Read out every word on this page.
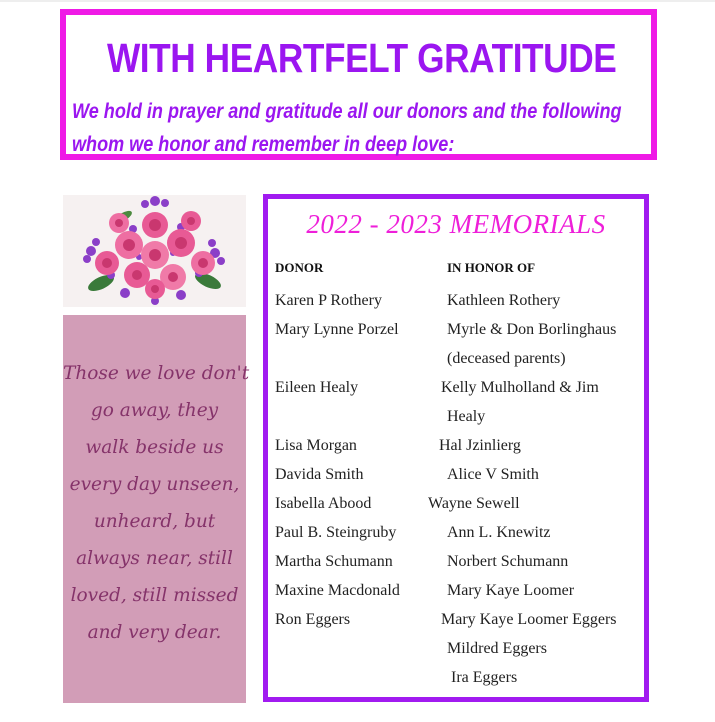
WITH HEARTFELT GRATITUDE
We hold in prayer and gratitude all our donors and the following
whom we honor and remember in deep love:
Those we love don't
go away, they
walk beside us
every day unseen,
unheard, but
always near, still
loved, still missed
and very dear.
2022 - 2023 MEMORIALS
DONOR	IN HONOR OF
Karen P Rothery	Kathleen Rothery
Mary Lynne Porzel	Myrle & Don Borlinghaus
(deceased parents)
Eileen Healy	Kelly Mulholland & Jim
Healy
Lisa Morgan	Hal Jzinlierg
Davida Smith	Alice V Smith
Isabella Abood	Wayne Sewell
Paul B. Steingruby	Ann L. Knewitz
Martha Schumann	Norbert Schumann
Maxine Macdonald	Mary Kaye Loomer
Ron Eggers	Mary Kaye Loomer Eggers
Mildred Eggers
Ira Eggers
